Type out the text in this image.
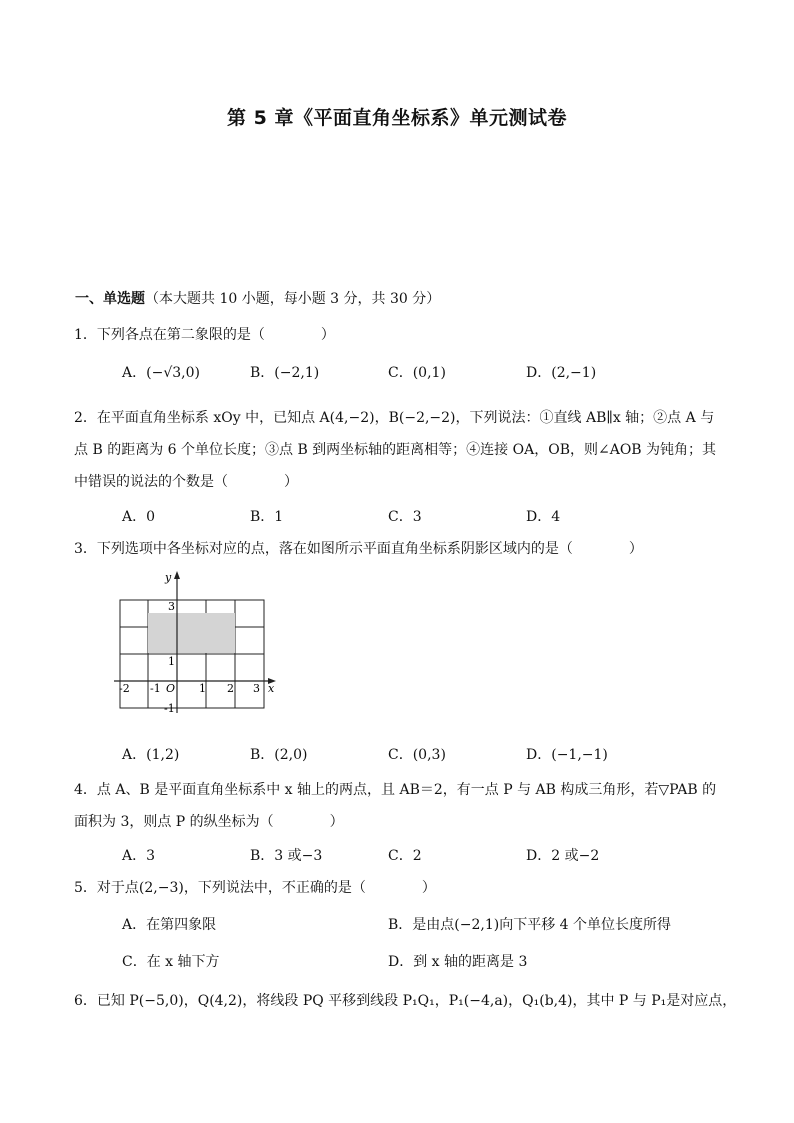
第 5 章《平面直角坐标系》单元测试卷
一、单选题（本大题共 10 小题，每小题 3 分，共 30 分）
1．下列各点在第二象限的是（　　　　）
A．(−√3,0)	B．(−2,1)	C．(0,1)	D．(2,−1)
2．在平面直角坐标系 xOy 中，已知点 A(4,−2)，B(−2,−2)，下列说法：①直线 AB∥x 轴；②点 A 与点 B 的距离为 6 个单位长度；③点 B 到两坐标轴的距离相等；④连接 OA，OB，则∠AOB 为钝角；其中错误的说法的个数是（　　　　）
A．0	B．1	C．3	D．4
3．下列选项中各坐标对应的点，落在如图所示平面直角坐标系阴影区域内的是（　　　　）
y
x
O
-2 -1	1 2 3
3
1
-1
A．(1,2)	B．(2,0)	C．(0,3)	D．(−1,−1)
4．点 A、B 是平面直角坐标系中 x 轴上的两点，且 AB＝2，有一点 P 与 AB 构成三角形，若▽PAB 的面积为 3，则点 P 的纵坐标为（　　　　）
A．3	B．3 或−3	C．2	D．2 或−2
5．对于点(2,−3)，下列说法中，不正确的是（　　　　）
A．在第四象限	B．是由点(−2,1)向下平移 4 个单位长度所得
C．在 x 轴下方	D．到 x 轴的距离是 3
6．已知 P(−5,0)，Q(4,2)，将线段 PQ 平移到线段 P₁Q₁，P₁(−4,a)，Q₁(b,4)，其中 P 与 P₁是对应点，
